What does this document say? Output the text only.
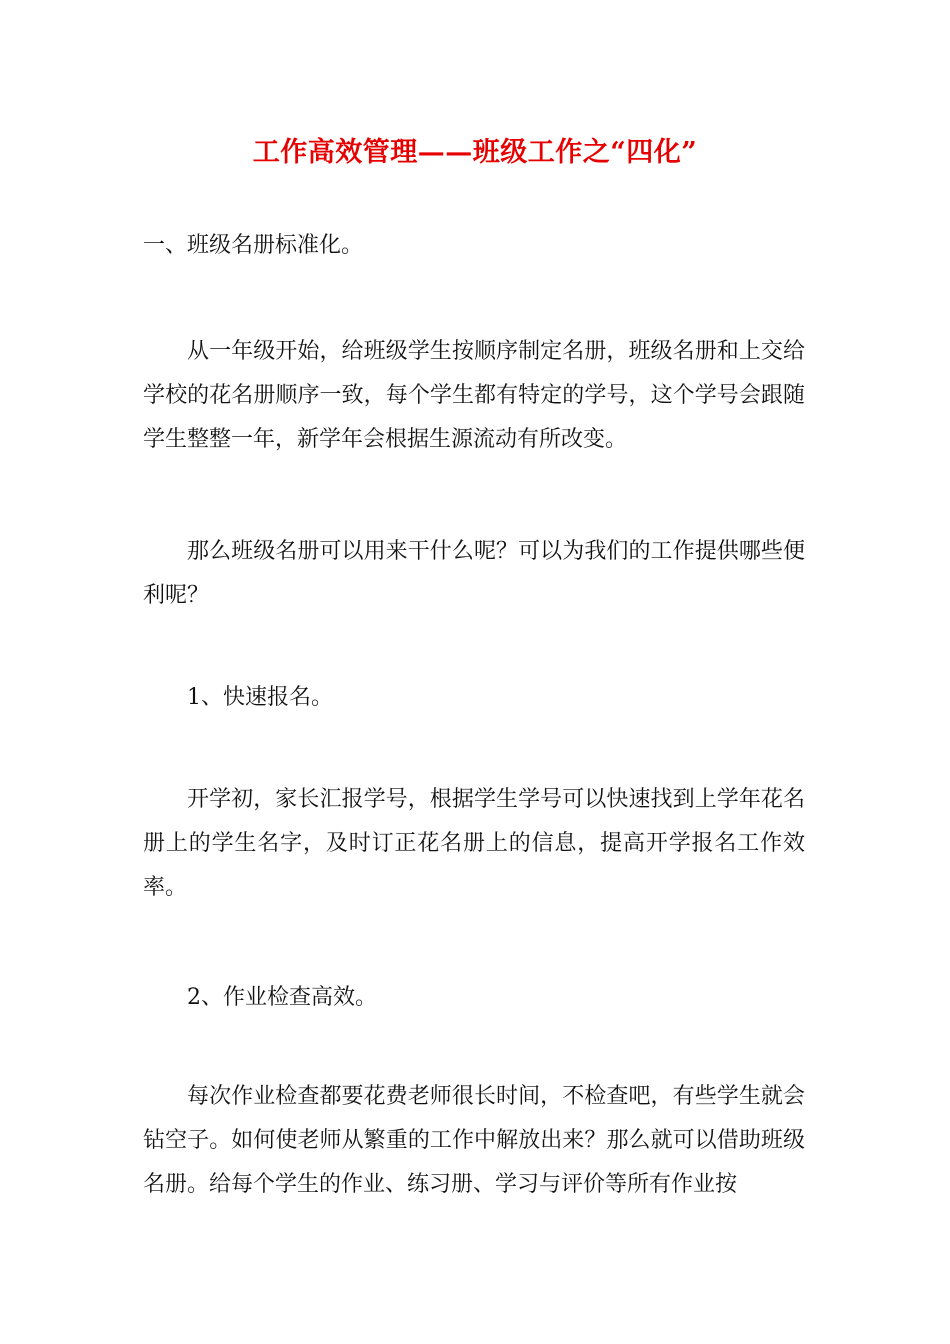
工作高效管理——班级工作之“四化”

一、班级名册标准化。

从一年级开始，给班级学生按顺序制定名册，班级名册和上交给学校的花名册顺序一致，每个学生都有特定的学号，这个学号会跟随学生整整一年，新学年会根据生源流动有所改变。

那么班级名册可以用来干什么呢？可以为我们的工作提供哪些便利呢？

1、快速报名。

开学初，家长汇报学号，根据学生学号可以快速找到上学年花名册上的学生名字，及时订正花名册上的信息，提高开学报名工作效率。

2、作业检查高效。

每次作业检查都要花费老师很长时间，不检查吧，有些学生就会钻空子。如何使老师从繁重的工作中解放出来？那么就可以借助班级名册。给每个学生的作业、练习册、学习与评价等所有作业按
